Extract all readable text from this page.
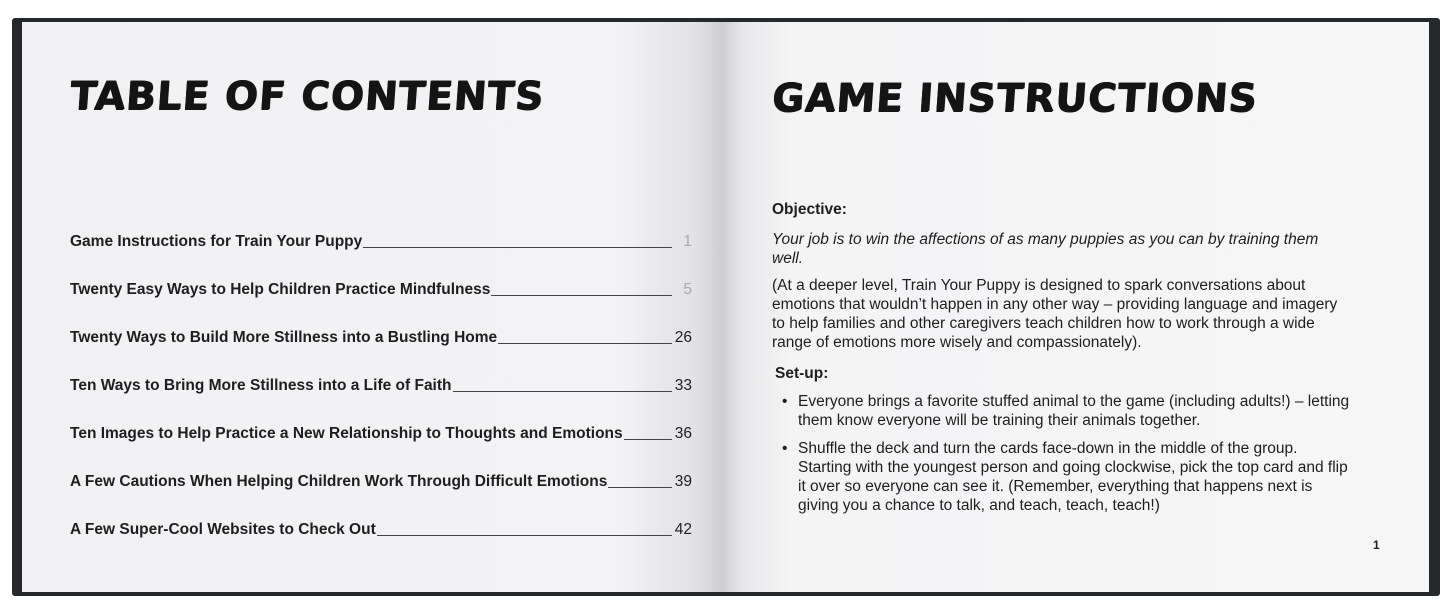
TABLE OF CONTENTS
Game Instructions for Train Your Puppy	1
Twenty Easy Ways to Help Children Practice Mindfulness	5
Twenty Ways to Build More Stillness into a Bustling Home	26
Ten Ways to Bring More Stillness into a Life of Faith	33
Ten Images to Help Practice a New Relationship to Thoughts and Emotions	36
A Few Cautions When Helping Children Work Through Difficult Emotions	39
A Few Super-Cool Websites to Check Out	42
GAME INSTRUCTIONS

Objective:

Your job is to win the affections of as many puppies as you can by training them well.

(At a deeper level, Train Your Puppy is designed to spark conversations about emotions that wouldn’t happen in any other way – providing language and imagery to help families and other caregivers teach children how to work through a wide range of emotions more wisely and compassionately).

Set-up:

• Everyone brings a favorite stuffed animal to the game (including adults!) – letting them know everyone will be training their animals together.
• Shuffle the deck and turn the cards face-down in the middle of the group. Starting with the youngest person and going clockwise, pick the top card and flip it over so everyone can see it. (Remember, everything that happens next is giving you a chance to talk, and teach, teach, teach!)
1
